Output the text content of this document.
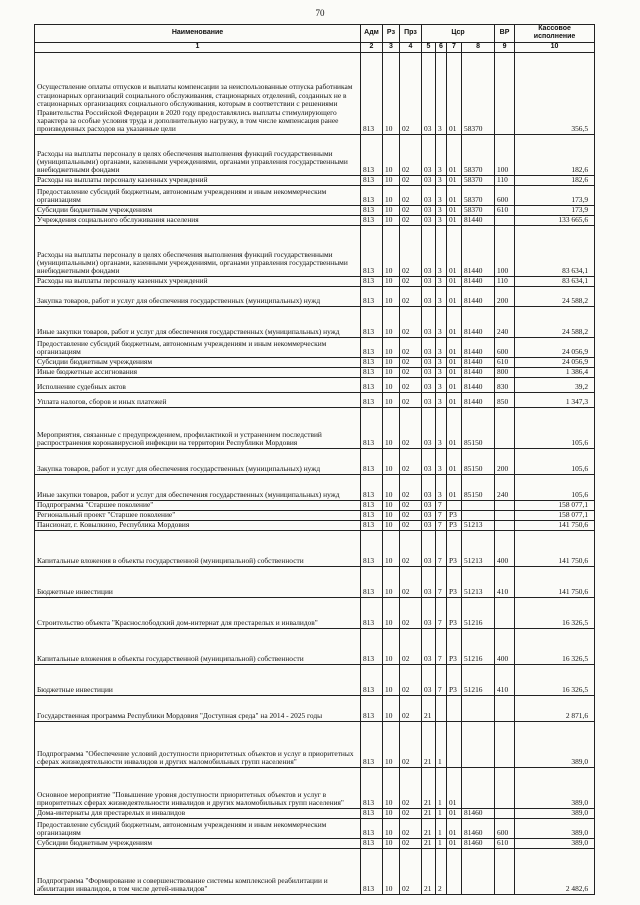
70
Наименование	Адм	Рз	Прз	Цср				ВР	Кассовое исполнение
1	2	3	4	5	6	7	8	9	10
Осуществление оплаты отпусков и выплаты компенсации за неиспользованные отпуска работникам стационарных организаций социального обслуживания, стационарных отделений, созданных не в стационарных организациях социального обслуживания, которым в соответствии с решениями Правительства Российской Федерации в 2020 году предоставлялись выплаты стимулирующего характера за особые условия труда и дополнительную нагрузку, в том числе компенсация ранее произведенных расходов на указанные цели	813	10	02	03	3	01	58370		356,5
Расходы на выплаты персоналу в целях обеспечения выполнения функций государственными (муниципальными) органами, казенными учреждениями, органами управления государственными внебюджетными фондами	813	10	02	03	3	01	58370	100	182,6
Расходы на выплаты персоналу казенных учреждений	813	10	02	03	3	01	58370	110	182,6
Предоставление субсидий бюджетным, автономным учреждениям и иным некоммерческим организациям	813	10	02	03	3	01	58370	600	173,9
Субсидии бюджетным учреждениям	813	10	02	03	3	01	58370	610	173,9
Учреждения социального обслуживания населения	813	10	02	03	3	01	81440		133 665,6
Расходы на выплаты персоналу в целях обеспечения выполнения функций государственными (муниципальными) органами, казенными учреждениями, органами управления государственными внебюджетными фондами	813	10	02	03	3	01	81440	100	83 634,1
Расходы на выплаты персоналу казенных учреждений	813	10	02	03	3	01	81440	110	83 634,1
Закупка товаров, работ и услуг для обеспечения государственных (муниципальных) нужд	813	10	02	03	3	01	81440	200	24 588,2
Иные закупки товаров, работ и услуг для обеспечения государственных (муниципальных) нужд	813	10	02	03	3	01	81440	240	24 588,2
Предоставление субсидий бюджетным, автономным учреждениям и иным некоммерческим организациям	813	10	02	03	3	01	81440	600	24 056,9
Субсидии бюджетным учреждениям	813	10	02	03	3	01	81440	610	24 056,9
Иные бюджетные ассигнования	813	10	02	03	3	01	81440	800	1 386,4
Исполнение судебных актов	813	10	02	03	3	01	81440	830	39,2
Уплата налогов, сборов и иных платежей	813	10	02	03	3	01	81440	850	1 347,3
Мероприятия, связанные с предупреждением, профилактикой и устранением последствий распространения коронавирусной инфекции на территории Республики Мордовия	813	10	02	03	3	01	85150		105,6
Закупка товаров, работ и услуг для обеспечения государственных (муниципальных) нужд	813	10	02	03	3	01	85150	200	105,6
Иные закупки товаров, работ и услуг для обеспечения государственных (муниципальных) нужд	813	10	02	03	3	01	85150	240	105,6
Подпрограмма "Старшее поколение"	813	10	02	03	7				158 077,1
Региональный проект "Старшее поколение"	813	10	02	03	7	P3			158 077,1
Пансионат, г. Ковылкино, Республика Мордовия	813	10	02	03	7	P3	51213		141 750,6
Капитальные вложения в объекты государственной (муниципальной) собственности	813	10	02	03	7	P3	51213	400	141 750,6
Бюджетные инвестиции	813	10	02	03	7	P3	51213	410	141 750,6
Строительство объекта "Краснослободский дом-интернат для престарелых и инвалидов"	813	10	02	03	7	P3	51216		16 326,5
Капитальные вложения в объекты государственной (муниципальной) собственности	813	10	02	03	7	P3	51216	400	16 326,5
Бюджетные инвестиции	813	10	02	03	7	P3	51216	410	16 326,5
Государственная программа Республики Мордовия "Доступная среда" на 2014 - 2025 годы	813	10	02	21					2 871,6
Подпрограмма "Обеспечение условий доступности приоритетных объектов и услуг в приоритетных сферах жизнедеятельности инвалидов и других маломобильных групп населения"	813	10	02	21	1				389,0
Основное мероприятие "Повышение уровня доступности приоритетных объектов и услуг в приоритетных сферах жизнедеятельности инвалидов и других маломобильных групп населения"	813	10	02	21	1	01			389,0
Дома-интернаты для престарелых и инвалидов	813	10	02	21	1	01	81460		389,0
Предоставление субсидий бюджетным, автономным учреждениям и иным некоммерческим организациям	813	10	02	21	1	01	81460	600	389,0
Субсидии бюджетным учреждениям	813	10	02	21	1	01	81460	610	389,0
Подпрограмма "Формирование и совершенствование системы комплексной реабилитации и абилитации инвалидов, в том числе детей-инвалидов"	813	10	02	21	2				2 482,6
